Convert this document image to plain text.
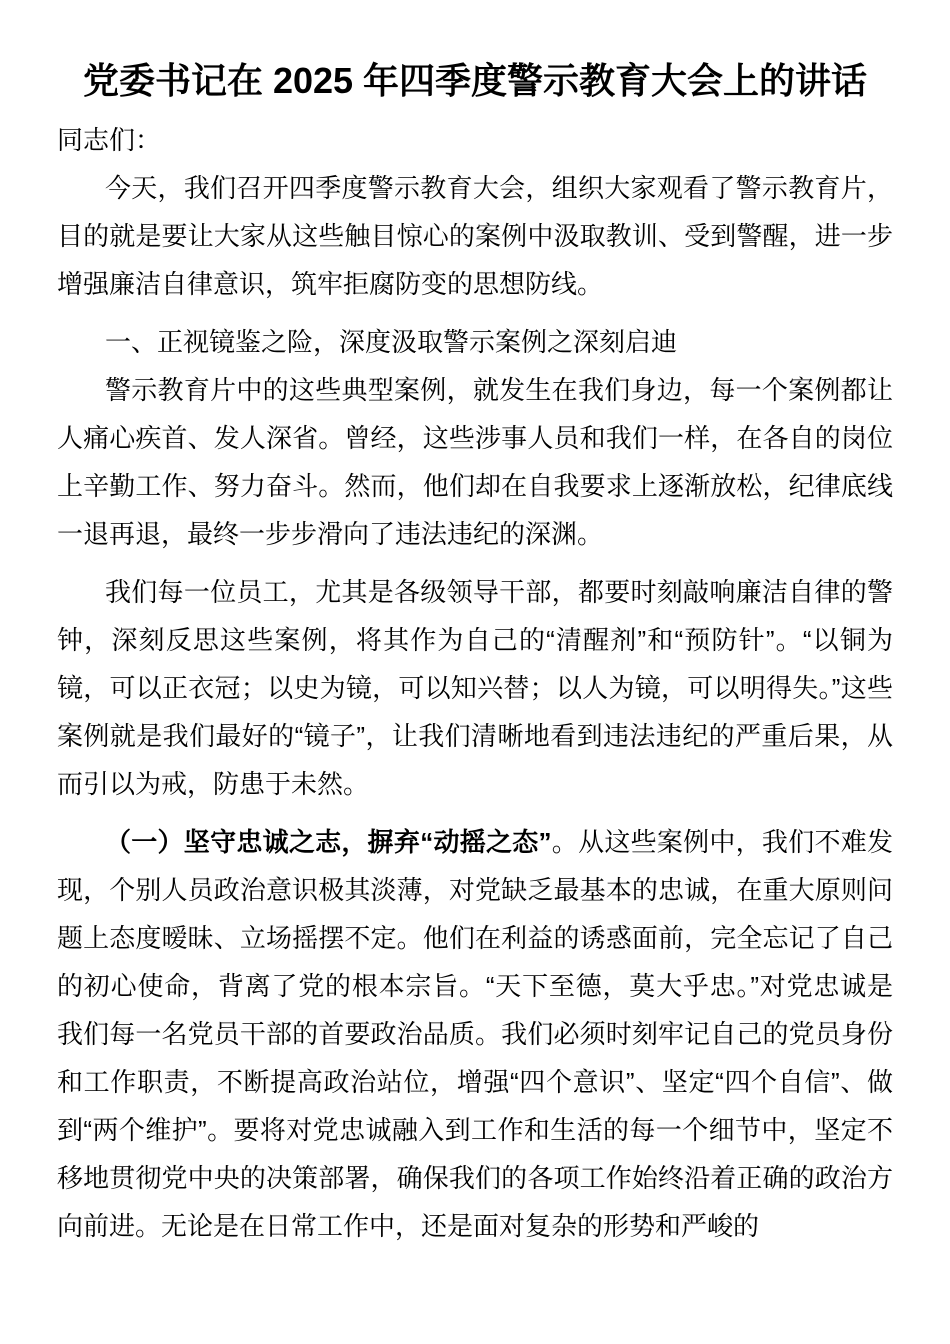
党委书记在 2025 年四季度警示教育大会上的讲话

同志们：

今天，我们召开四季度警示教育大会，组织大家观看了警示教育片，目的就是要让大家从这些触目惊心的案例中汲取教训、受到警醒，进一步增强廉洁自律意识，筑牢拒腐防变的思想防线。

一、正视镜鉴之险，深度汲取警示案例之深刻启迪

警示教育片中的这些典型案例，就发生在我们身边，每一个案例都让人痛心疾首、发人深省。曾经，这些涉事人员和我们一样，在各自的岗位上辛勤工作、努力奋斗。然而，他们却在自我要求上逐渐放松，纪律底线一退再退，最终一步步滑向了违法违纪的深渊。

我们每一位员工，尤其是各级领导干部，都要时刻敲响廉洁自律的警钟，深刻反思这些案例，将其作为自己的“清醒剂”和“预防针”。“以铜为镜，可以正衣冠；以史为镜，可以知兴替；以人为镜，可以明得失。”这些案例就是我们最好的“镜子”，让我们清晰地看到违法违纪的严重后果，从而引以为戒，防患于未然。

（一）坚守忠诚之志，摒弃“动摇之态”。从这些案例中，我们不难发现，个别人员政治意识极其淡薄，对党缺乏最基本的忠诚，在重大原则问题上态度暧昧、立场摇摆不定。他们在利益的诱惑面前，完全忘记了自己的初心使命，背离了党的根本宗旨。“天下至德，莫大乎忠。”对党忠诚是我们每一名党员干部的首要政治品质。我们必须时刻牢记自己的党员身份和工作职责，不断提高政治站位，增强“四个意识”、坚定“四个自信”、做到“两个维护”。要将对党忠诚融入到工作和生活的每一个细节中，坚定不移地贯彻党中央的决策部署，确保我们的各项工作始终沿着正确的政治方向前进。无论是在日常工作中，还是面对复杂的形势和严峻的
